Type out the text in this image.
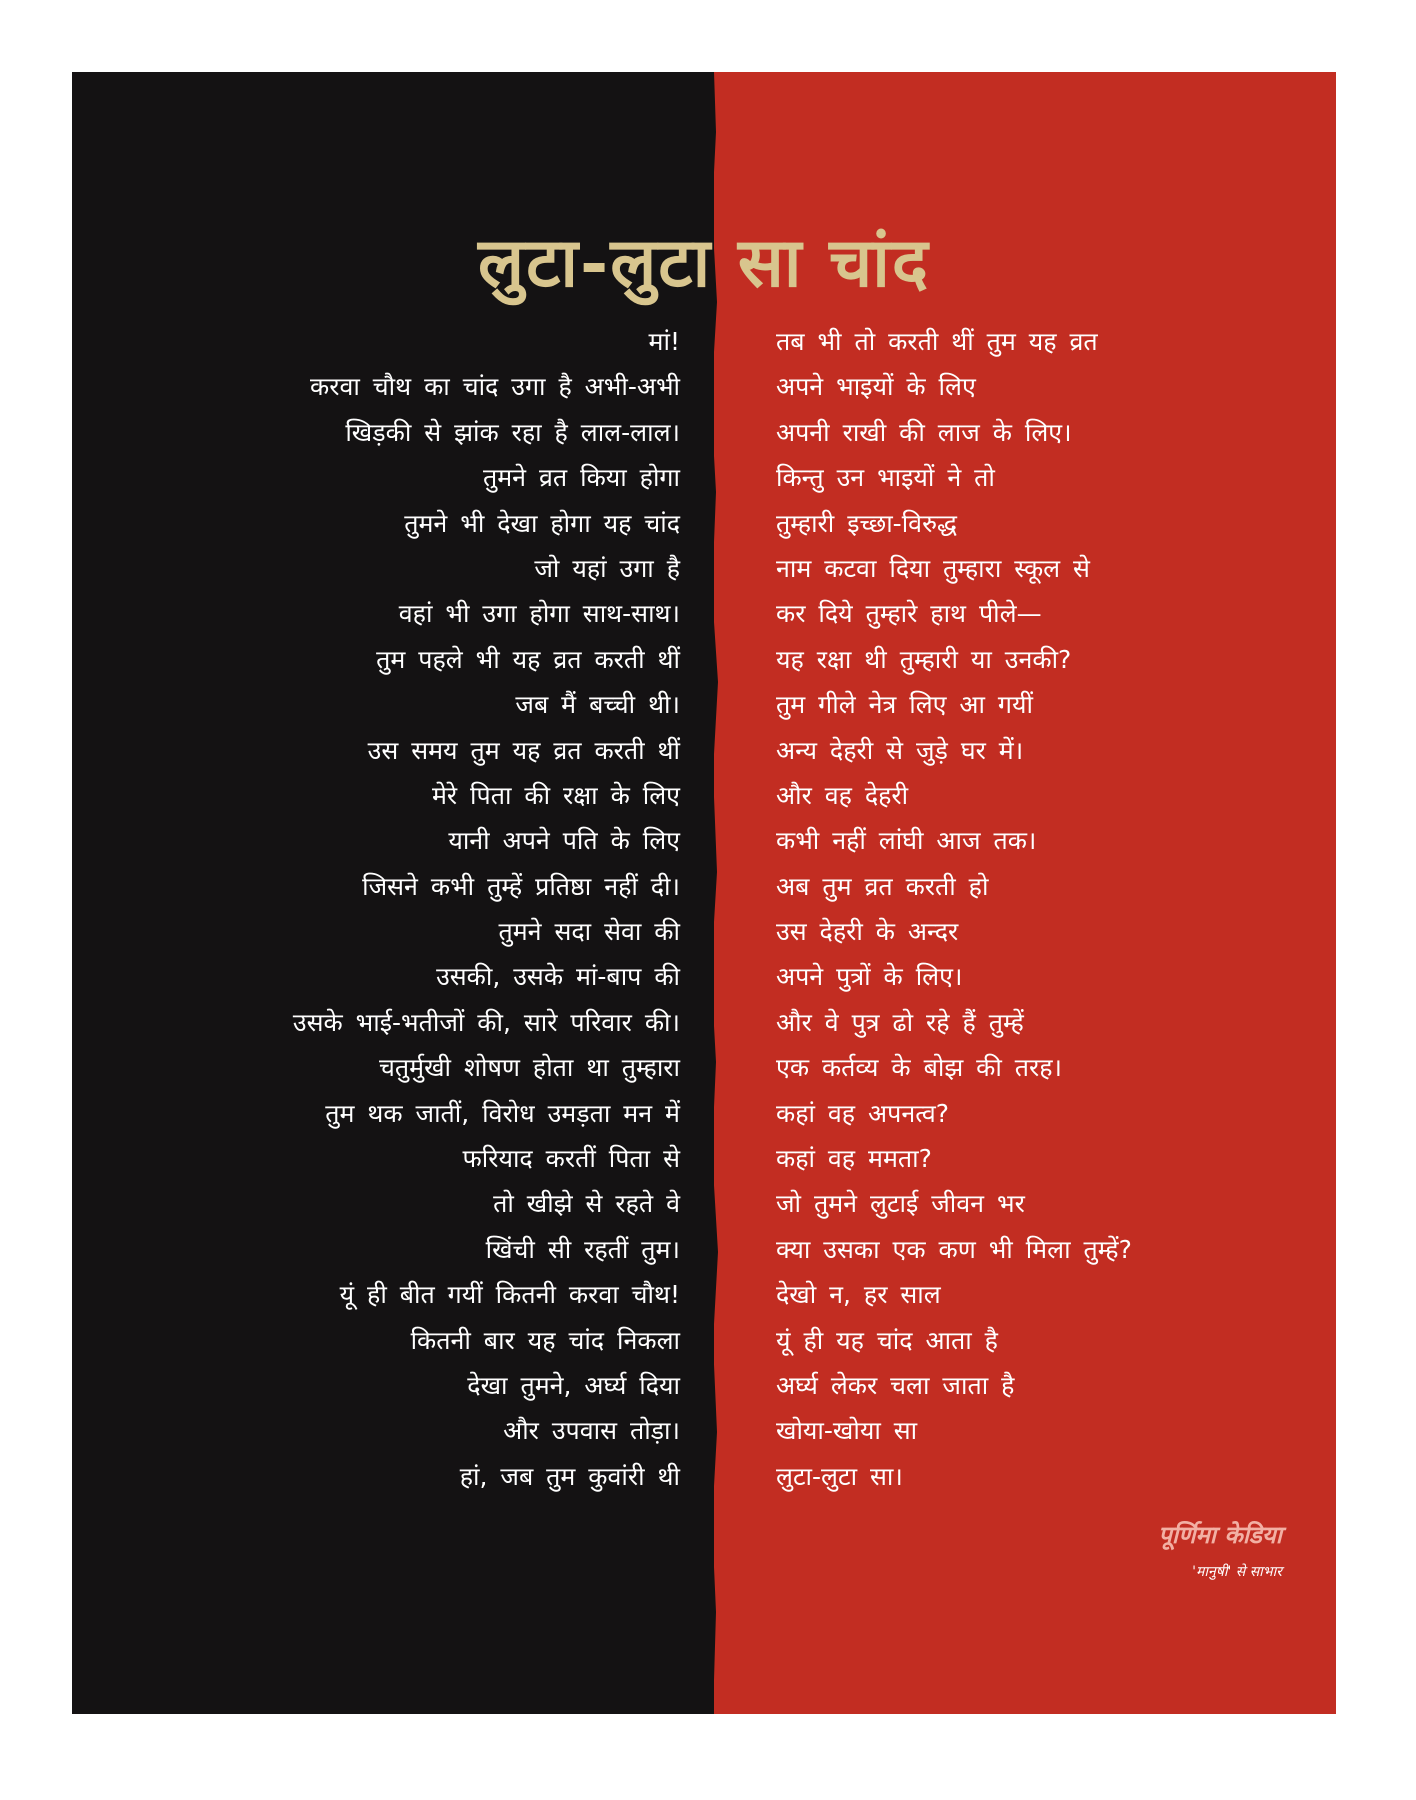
लुटा-लुटा सा चांद
मां!
करवा चौथ का चांद उगा है अभी-अभी
खिड़की से झांक रहा है लाल-लाल।
तुमने व्रत किया होगा
तुमने भी देखा होगा यह चांद
जो यहां उगा है
वहां भी उगा होगा साथ-साथ।
तुम पहले भी यह व्रत करती थीं
जब मैं बच्ची थी।
उस समय तुम यह व्रत करती थीं
मेरे पिता की रक्षा के लिए
यानी अपने पति के लिए
जिसने कभी तुम्हें प्रतिष्ठा नहीं दी।
तुमने सदा सेवा की
उसकी, उसके मां-बाप की
उसके भाई-भतीजों की, सारे परिवार की।
चतुर्मुखी शोषण होता था तुम्हारा
तुम थक जातीं, विरोध उमड़ता मन में
फरियाद करतीं पिता से
तो खीझे से रहते वे
खिंची सी रहतीं तुम।
यूं ही बीत गयीं कितनी करवा चौथ!
कितनी बार यह चांद निकला
देखा तुमने, अर्घ्य दिया
और उपवास तोड़ा।
हां, जब तुम कुवांरी थी
तब भी तो करती थीं तुम यह व्रत
अपने भाइयों के लिए
अपनी राखी की लाज के लिए।
किन्तु उन भाइयों ने तो
तुम्हारी इच्छा-विरुद्ध
नाम कटवा दिया तुम्हारा स्कूल से
कर दिये तुम्हारे हाथ पीले—
यह रक्षा थी तुम्हारी या उनकी?
तुम गीले नेत्र लिए आ गयीं
अन्य देहरी से जुड़े घर में।
और वह देहरी
कभी नहीं लांघी आज तक।
अब तुम व्रत करती हो
उस देहरी के अन्दर
अपने पुत्रों के लिए।
और वे पुत्र ढो रहे हैं तुम्हें
एक कर्तव्य के बोझ की तरह।
कहां वह अपनत्व?
कहां वह ममता?
जो तुमने लुटाई जीवन भर
क्या उसका एक कण भी मिला तुम्हें?
देखो न, हर साल
यूं ही यह चांद आता है
अर्घ्य लेकर चला जाता है
खोया-खोया सा
लुटा-लुटा सा।
पूर्णिमा केडिया
'मानुषी' से साभार
